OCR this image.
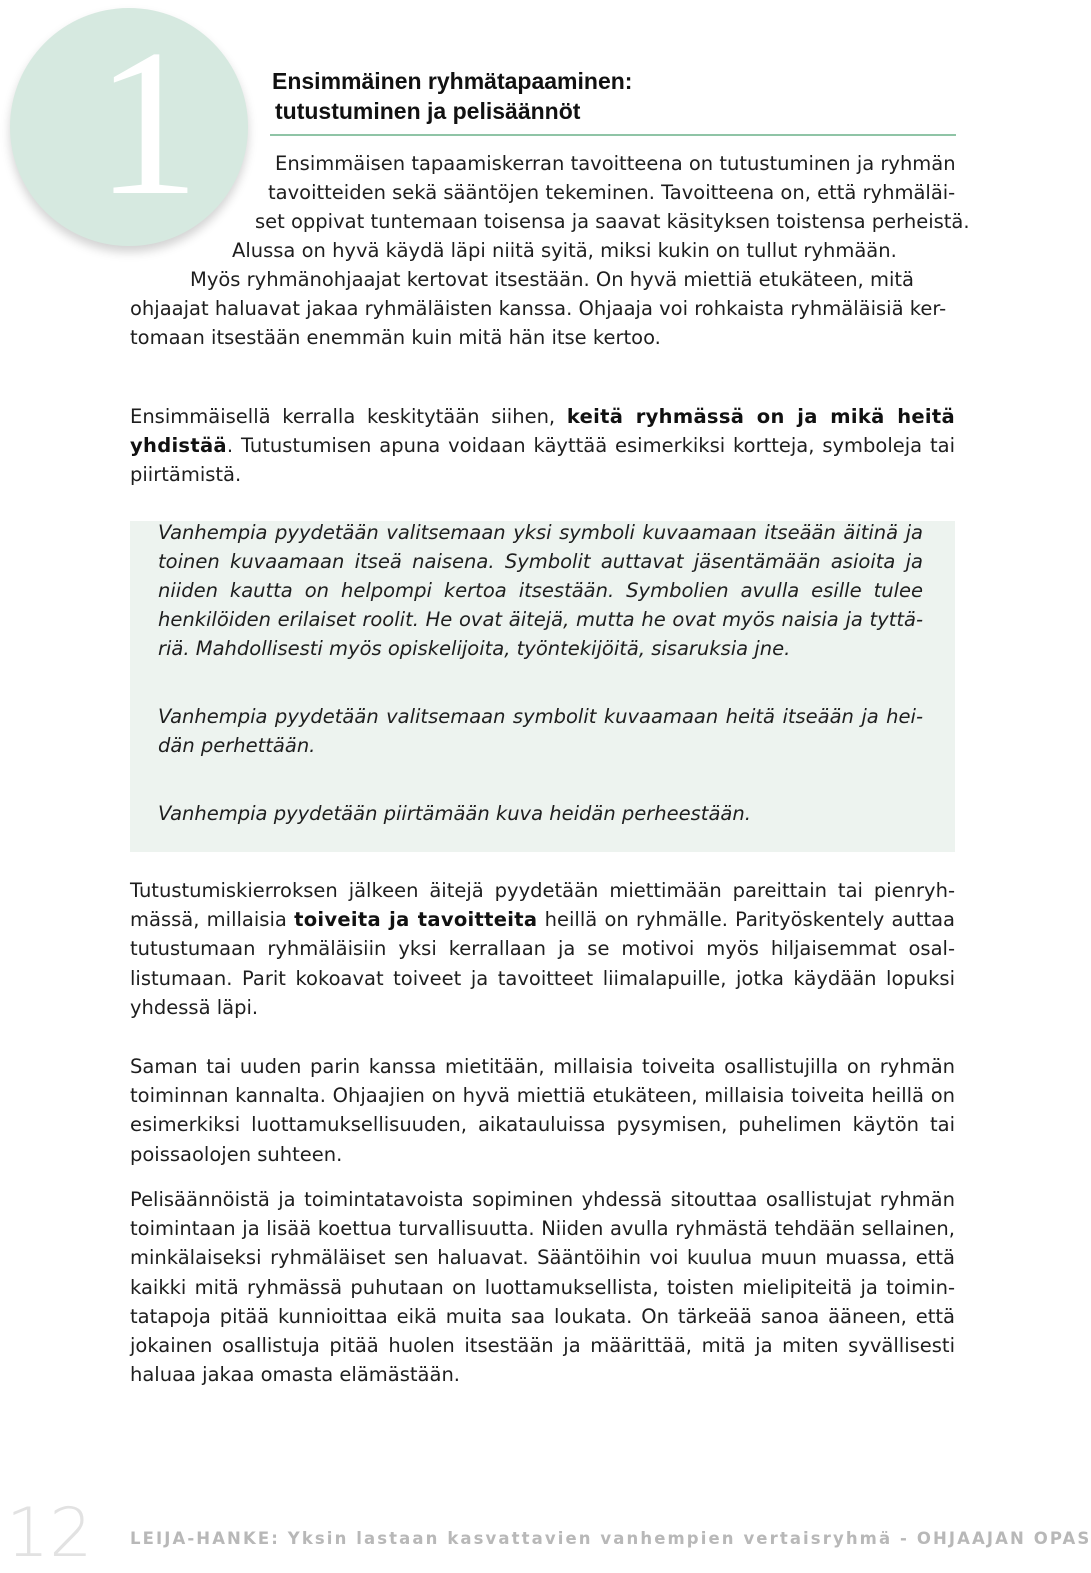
1	Ensimmäinen ryhmätapaaminen:
tutustuminen ja pelisäännöt
Ensimmäisen tapaamiskerran tavoitteena on tutustuminen ja ryhmän
tavoitteiden sekä sääntöjen tekeminen. Tavoitteena on, että ryhmäläi-
set oppivat tuntemaan toisensa ja saavat käsityksen toistensa perheistä.
Alussa on hyvä käydä läpi niitä syitä, miksi kukin on tullut ryhmään.
Myös ryhmänohjaajat kertovat itsestään. On hyvä miettiä etukäteen, mitä
ohjaajat haluavat jakaa ryhmäläisten kanssa. Ohjaaja voi rohkaista ryhmäläisiä ker-
tomaan itsestään enemmän kuin mitä hän itse kertoo.

Ensimmäisellä kerralla keskitytään siihen, keitä ryhmässä on ja mikä heitä yhdistää. Tutustumisen apuna voidaan käyttää esimerkiksi kortteja, symboleja tai piirtämistä.

Vanhempia pyydetään valitsemaan yksi symboli kuvaamaan itseään äitinä ja toinen kuvaamaan itseä naisena. Symbolit auttavat jäsentämään asioita ja niiden kautta on helpompi kertoa itsestään. Symbolien avulla esille tulee henkilöiden erilaiset roolit. He ovat äitejä, mutta he ovat myös naisia ja tyttäriä. Mahdollisesti myös opiskelijoita, työntekijöitä, sisaruksia jne.

Vanhempia pyydetään valitsemaan symbolit kuvaamaan heitä itseään ja heidän perhettään.

Vanhempia pyydetään piirtämään kuva heidän perheestään.

Tutustumiskierroksen jälkeen äitejä pyydetään miettimään pareittain tai pienryhmässä, millaisia toiveita ja tavoitteita heillä on ryhmälle. Parityöskentely auttaa tutustumaan ryhmäläisiin yksi kerrallaan ja se motivoi myös hiljaisemmat osallistumaan. Parit kokoavat toiveet ja tavoitteet liimalapuille, jotka käydään lopuksi yhdessä läpi.

Saman tai uuden parin kanssa mietitään, millaisia toiveita osallistujilla on ryhmän toiminnan kannalta. Ohjaajien on hyvä miettiä etukäteen, millaisia toiveita heillä on esimerkiksi luottamuksellisuuden, aikatauluissa pysymisen, puhelimen käytön tai poissaolojen suhteen.

Pelisäännöistä ja toimintatavoista sopiminen yhdessä sitouttaa osallistujat ryhmän toimintaan ja lisää koettua turvallisuutta. Niiden avulla ryhmästä tehdään sellainen, minkälaiseksi ryhmäläiset sen haluavat. Sääntöihin voi kuulua muun muassa, että kaikki mitä ryhmässä puhutaan on luottamuksellista, toisten mielipiteitä ja toimintatapoja pitää kunnioittaa eikä muita saa loukata. On tärkeää sanoa ääneen, että jokainen osallistuja pitää huolen itsestään ja määrittää, mitä ja miten syvällisesti haluaa jakaa omasta elämästään.

12 LEIJA-HANKE: Yksin lastaan kasvattavien vanhempien vertaisryhmä - OHJAAJAN OPAS
